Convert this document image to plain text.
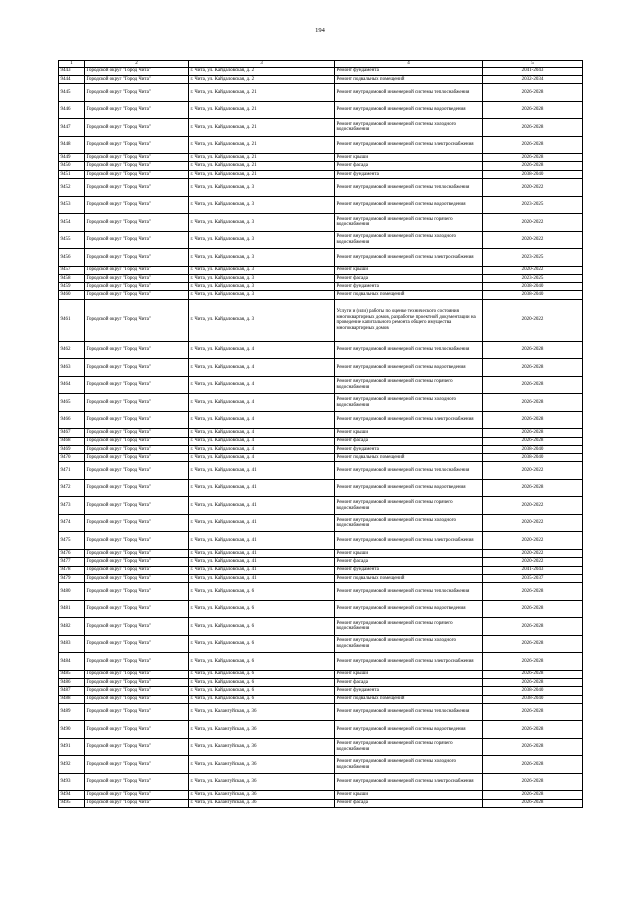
194
1	2	3	4	5
9443	Городской округ "Город Чита"	г. Чита, ул. Кайдаловская, д. 2	Ремонт фундамента	2041-2043
9444	Городской округ "Город Чита"	г. Чита, ул. Кайдаловская, д. 2	Ремонт подвальных помещений	2032-2034
9445	Городской округ "Город Чита"	г. Чита, ул. Кайдаловская, д. 21	Ремонт внутридомовой инженерной системы теплоснабжения	2026-2028
9446	Городской округ "Город Чита"	г. Чита, ул. Кайдаловская, д. 21	Ремонт внутридомовой инженерной системы водоотведения	2026-2028
9447	Городской округ "Город Чита"	г. Чита, ул. Кайдаловская, д. 21	Ремонт внутридомовой инженерной системы холодного водоснабжения	2026-2028
9448	Городской округ "Город Чита"	г. Чита, ул. Кайдаловская, д. 21	Ремонт внутридомовой инженерной системы электроснабжения	2026-2028
9449	Городской округ "Город Чита"	г. Чита, ул. Кайдаловская, д. 21	Ремонт крыши	2026-2028
9450	Городской округ "Город Чита"	г. Чита, ул. Кайдаловская, д. 21	Ремонт фасада	2026-2028
9451	Городской округ "Город Чита"	г. Чита, ул. Кайдаловская, д. 21	Ремонт фундамента	2038-2040
9452	Городской округ "Город Чита"	г. Чита, ул. Кайдаловская, д. 3	Ремонт внутридомовой инженерной системы теплоснабжения	2020-2022
9453	Городской округ "Город Чита"	г. Чита, ул. Кайдаловская, д. 3	Ремонт внутридомовой инженерной системы водоотведения	2023-2025
9454	Городской округ "Город Чита"	г. Чита, ул. Кайдаловская, д. 3	Ремонт внутридомовой инженерной системы горячего водоснабжения	2020-2022
9455	Городской округ "Город Чита"	г. Чита, ул. Кайдаловская, д. 3	Ремонт внутридомовой инженерной системы холодного водоснабжения	2020-2022
9456	Городской округ "Город Чита"	г. Чита, ул. Кайдаловская, д. 3	Ремонт внутридомовой инженерной системы электроснабжения	2023-2025
9457	Городской округ "Город Чита"	г. Чита, ул. Кайдаловская, д. 3	Ремонт крыши	2020-2022
9458	Городской округ "Город Чита"	г. Чита, ул. Кайдаловская, д. 3	Ремонт фасада	2023-2025
9459	Городской округ "Город Чита"	г. Чита, ул. Кайдаловская, д. 3	Ремонт фундамента	2038-2040
9460	Городской округ "Город Чита"	г. Чита, ул. Кайдаловская, д. 3	Ремонт подвальных помещений	2038-2040
9461	Городской округ "Город Чита"	г. Чита, ул. Кайдаловская, д. 3	Услуги и (или) работы по оценке технического состояния многоквартирных домов, разработке проектной документации на проведение капитального ремонта общего имущества многоквартирных домов	2020-2022
9462	Городской округ "Город Чита"	г. Чита, ул. Кайдаловская, д. 4	Ремонт внутридомовой инженерной системы теплоснабжения	2026-2028
9463	Городской округ "Город Чита"	г. Чита, ул. Кайдаловская, д. 4	Ремонт внутридомовой инженерной системы водоотведения	2026-2028
9464	Городской округ "Город Чита"	г. Чита, ул. Кайдаловская, д. 4	Ремонт внутридомовой инженерной системы горячего водоснабжения	2026-2028
9465	Городской округ "Город Чита"	г. Чита, ул. Кайдаловская, д. 4	Ремонт внутридомовой инженерной системы холодного водоснабжения	2026-2028
9466	Городской округ "Город Чита"	г. Чита, ул. Кайдаловская, д. 4	Ремонт внутридомовой инженерной системы электроснабжения	2026-2028
9467	Городской округ "Город Чита"	г. Чита, ул. Кайдаловская, д. 4	Ремонт крыши	2026-2028
9468	Городской округ "Город Чита"	г. Чита, ул. Кайдаловская, д. 4	Ремонт фасада	2026-2028
9469	Городской округ "Город Чита"	г. Чита, ул. Кайдаловская, д. 4	Ремонт фундамента	2038-2040
9470	Городской округ "Город Чита"	г. Чита, ул. Кайдаловская, д. 4	Ремонт подвальных помещений	2038-2040
9471	Городской округ "Город Чита"	г. Чита, ул. Кайдаловская, д. 41	Ремонт внутридомовой инженерной системы теплоснабжения	2020-2022
9472	Городской округ "Город Чита"	г. Чита, ул. Кайдаловская, д. 41	Ремонт внутридомовой инженерной системы водоотведения	2026-2028
9473	Городской округ "Город Чита"	г. Чита, ул. Кайдаловская, д. 41	Ремонт внутридомовой инженерной системы горячего водоснабжения	2020-2022
9474	Городской округ "Город Чита"	г. Чита, ул. Кайдаловская, д. 41	Ремонт внутридомовой инженерной системы холодного водоснабжения	2020-2022
9475	Городской округ "Город Чита"	г. Чита, ул. Кайдаловская, д. 41	Ремонт внутридомовой инженерной системы электроснабжения	2020-2022
9476	Городской округ "Город Чита"	г. Чита, ул. Кайдаловская, д. 41	Ремонт крыши	2020-2022
9477	Городской округ "Город Чита"	г. Чита, ул. Кайдаловская, д. 41	Ремонт фасада	2020-2022
9478	Городской округ "Город Чита"	г. Чита, ул. Кайдаловская, д. 41	Ремонт фундамента	2041-2043
9479	Городской округ "Город Чита"	г. Чита, ул. Кайдаловская, д. 41	Ремонт подвальных помещений	2035-2037
9480	Городской округ "Город Чита"	г. Чита, ул. Кайдаловская, д. 6	Ремонт внутридомовой инженерной системы теплоснабжения	2026-2028
9481	Городской округ "Город Чита"	г. Чита, ул. Кайдаловская, д. 6	Ремонт внутридомовой инженерной системы водоотведения	2026-2028
9482	Городской округ "Город Чита"	г. Чита, ул. Кайдаловская, д. 6	Ремонт внутридомовой инженерной системы горячего водоснабжения	2026-2028
9483	Городской округ "Город Чита"	г. Чита, ул. Кайдаловская, д. 6	Ремонт внутридомовой инженерной системы холодного водоснабжения	2026-2028
9484	Городской округ "Город Чита"	г. Чита, ул. Кайдаловская, д. 6	Ремонт внутридомовой инженерной системы электроснабжения	2026-2028
9485	Городской округ "Город Чита"	г. Чита, ул. Кайдаловская, д. 6	Ремонт крыши	2026-2028
9486	Городской округ "Город Чита"	г. Чита, ул. Кайдаловская, д. 6	Ремонт фасада	2026-2028
9487	Городской округ "Город Чита"	г. Чита, ул. Кайдаловская, д. 6	Ремонт фундамента	2038-2040
9488	Городской округ "Город Чита"	г. Чита, ул. Кайдаловская, д. 6	Ремонт подвальных помещений	2038-2040
9489	Городской округ "Город Чита"	г. Чита, ул. Калангуйская, д. 36	Ремонт внутридомовой инженерной системы теплоснабжения	2026-2028
9490	Городской округ "Город Чита"	г. Чита, ул. Калангуйская, д. 36	Ремонт внутридомовой инженерной системы водоотведения	2026-2028
9491	Городской округ "Город Чита"	г. Чита, ул. Калангуйская, д. 36	Ремонт внутридомовой инженерной системы горячего водоснабжения	2026-2028
9492	Городской округ "Город Чита"	г. Чита, ул. Калангуйская, д. 36	Ремонт внутридомовой инженерной системы холодного водоснабжения	2026-2028
9493	Городской округ "Город Чита"	г. Чита, ул. Калангуйская, д. 36	Ремонт внутридомовой инженерной системы электроснабжения	2026-2028
9494	Городской округ "Город Чита"	г. Чита, ул. Калангуйская, д. 36	Ремонт крыши	2026-2028
9495	Городской округ "Город Чита"	г. Чита, ул. Калангуйская, д. 36	Ремонт фасада	2026-2028
